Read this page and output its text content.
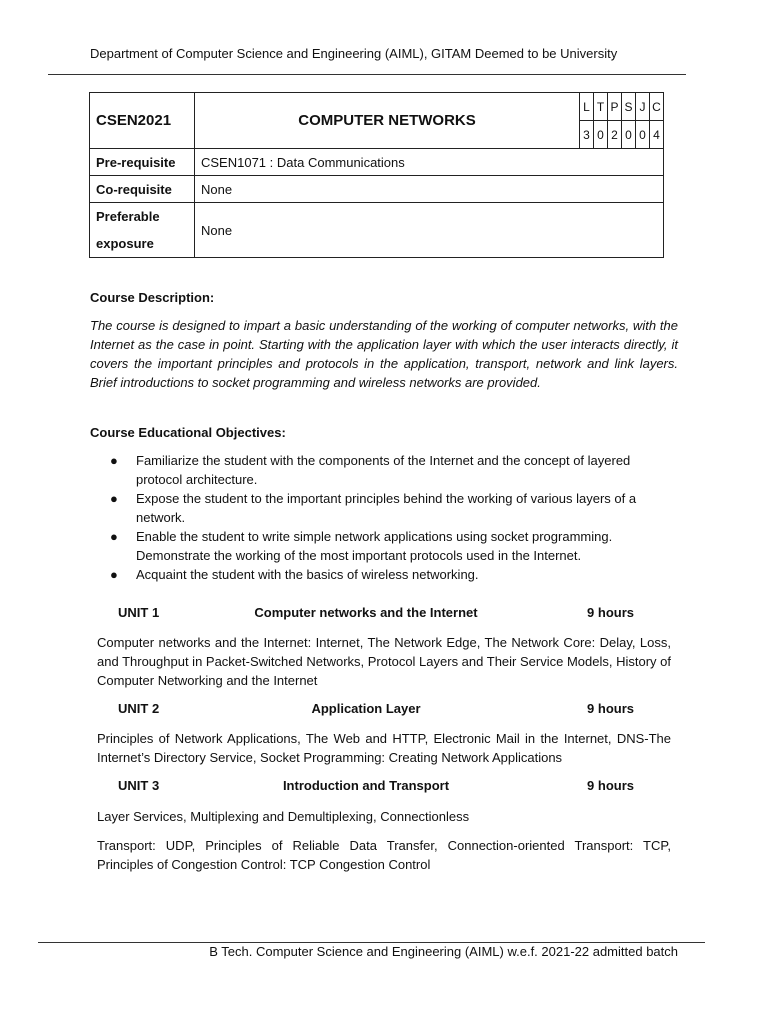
Department of Computer Science and Engineering (AIML), GITAM Deemed to be University
CSEN2021	COMPUTER NETWORKS	L	T	P	S	J	C
		3	0	2	0	0	4
Pre-requisite	CSEN1071 : Data Communications						
Co-requisite	None						
Preferable
exposure	None						
Course Description:
The course is designed to impart a basic understanding of the working of computer networks, with the Internet as the case in point. Starting with the application layer with which the user interacts directly, it covers the important principles and protocols in the application, transport, network and link layers. Brief introductions to socket programming and wireless networks are provided.
Course Educational Objectives:
● Familiarize the student with the components of the Internet and the concept of layered protocol architecture.
● Expose the student to the important principles behind the working of various layers of a network.
● Enable the student to write simple network applications using socket programming.
Demonstrate the working of the most important protocols used in the Internet.
● Acquaint the student with the basics of wireless networking.
UNIT 1	Computer networks and the Internet	9 hours
Computer networks and the Internet: Internet, The Network Edge, The Network Core: Delay, Loss, and Throughput in Packet-Switched Networks, Protocol Layers and Their Service Models, History of Computer Networking and the Internet
UNIT 2	Application Layer	9 hours
Principles of Network Applications, The Web and HTTP, Electronic Mail in the Internet, DNS-The Internet’s Directory Service, Socket Programming: Creating Network Applications
UNIT 3	Introduction and Transport	9 hours
Layer Services, Multiplexing and Demultiplexing, Connectionless
Transport: UDP, Principles of Reliable Data Transfer, Connection-oriented Transport: TCP, Principles of Congestion Control: TCP Congestion Control
B Tech. Computer Science and Engineering (AIML) w.e.f. 2021-22 admitted batch
